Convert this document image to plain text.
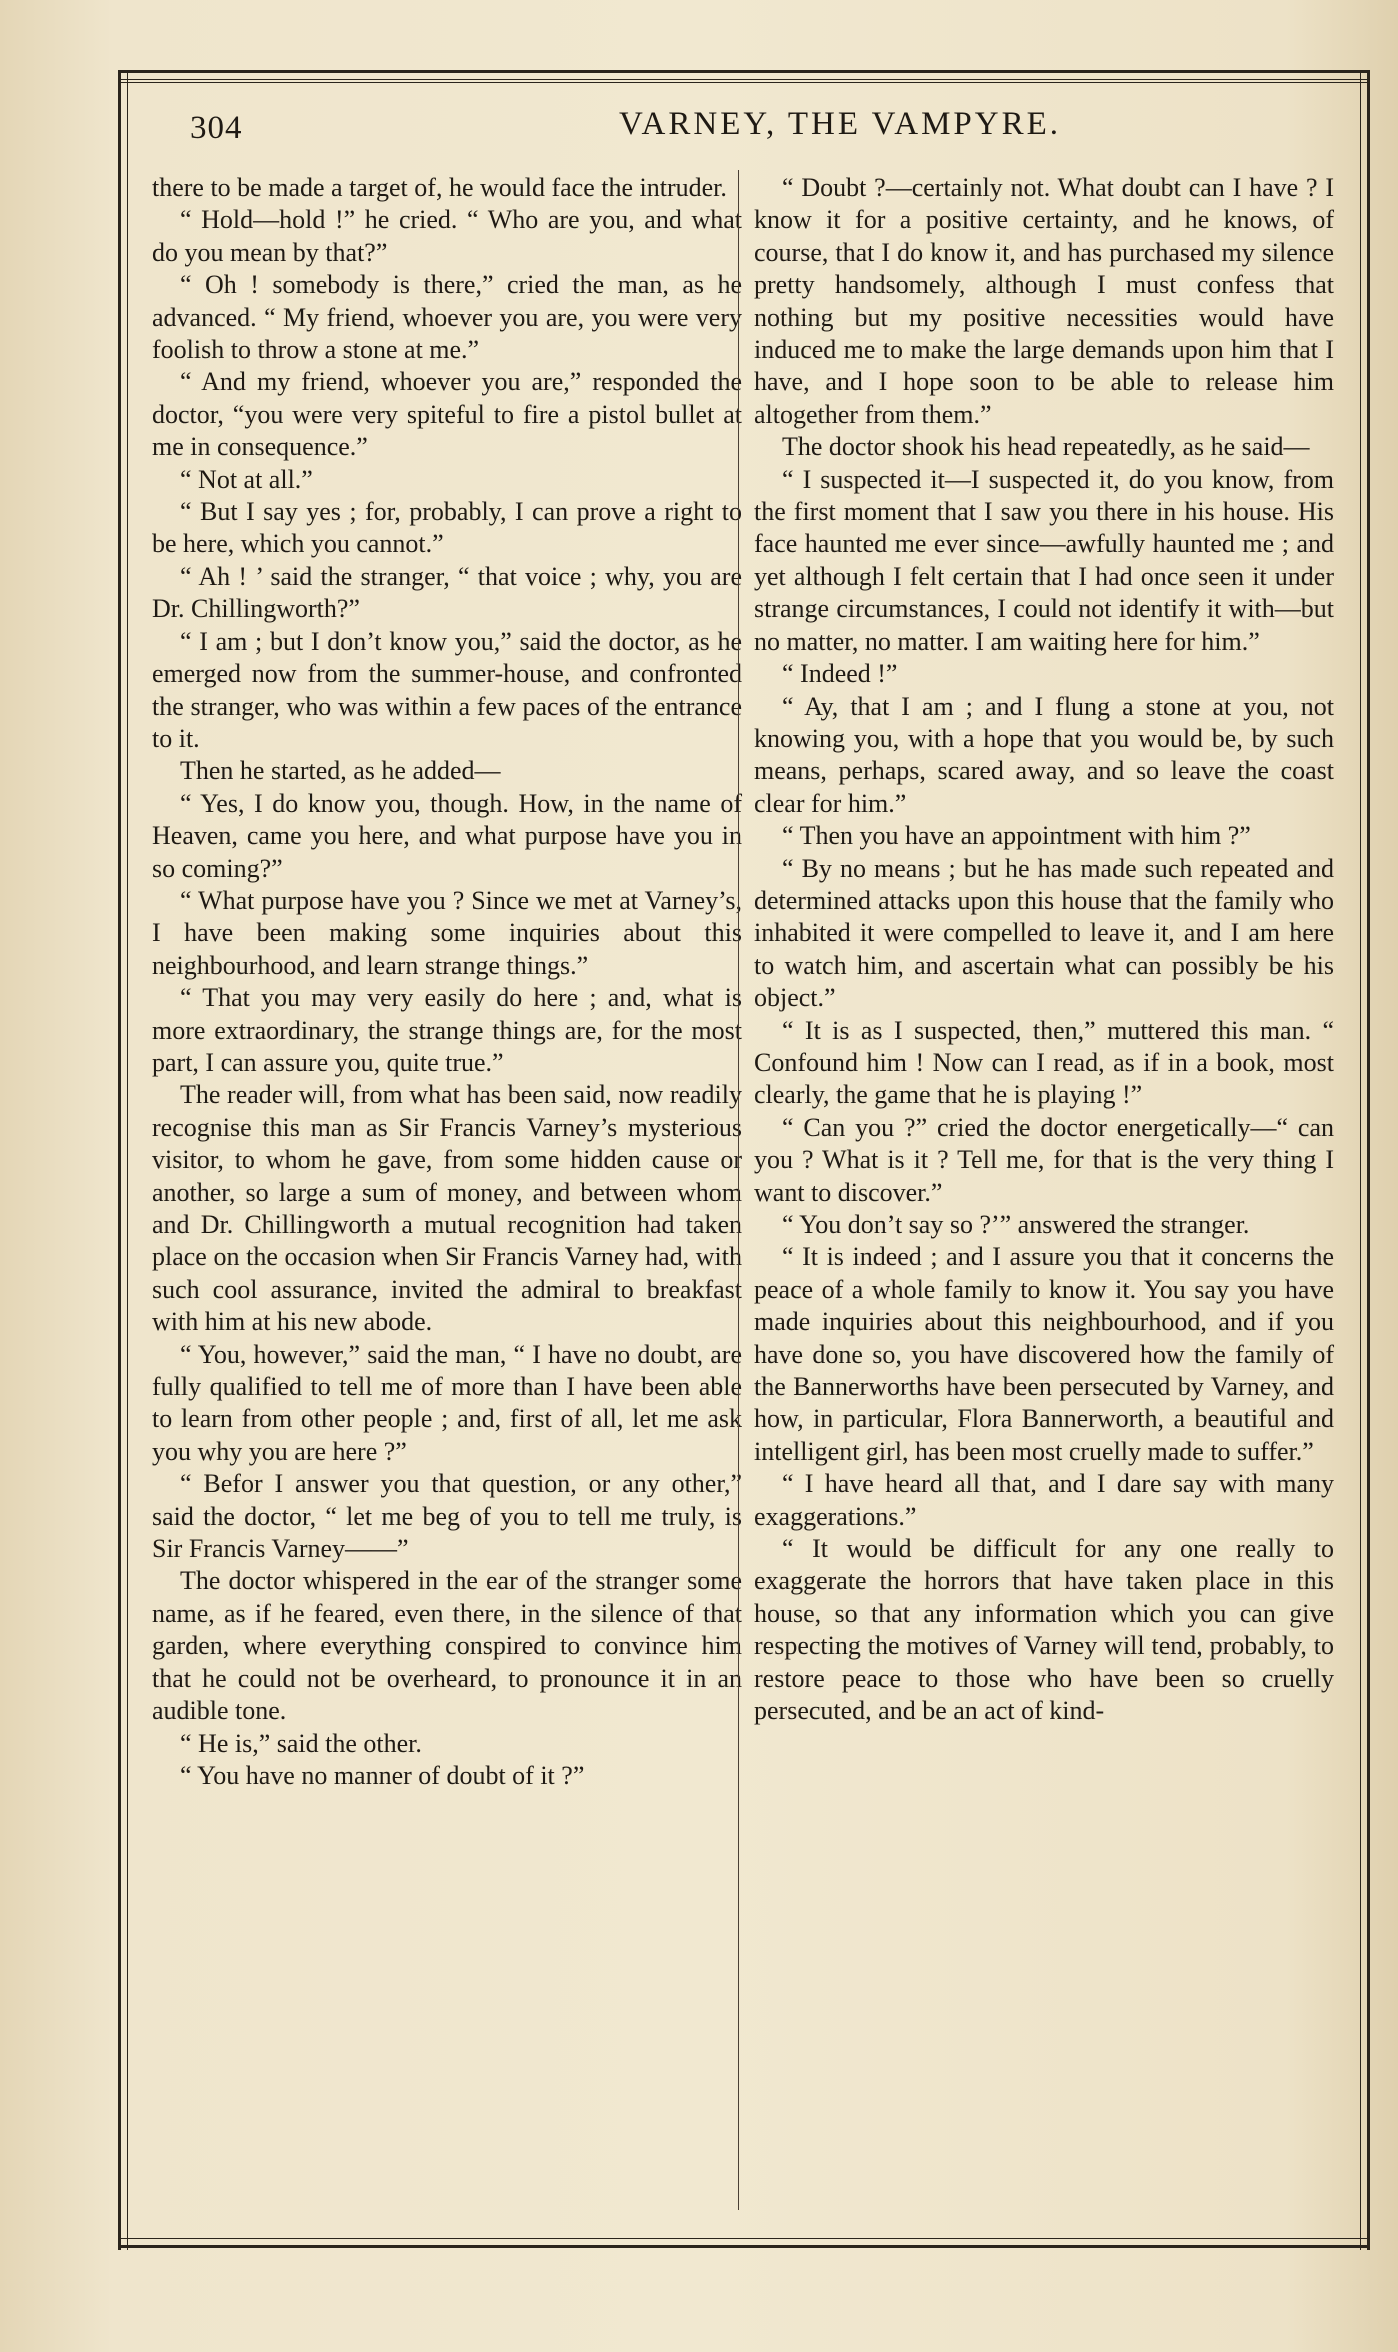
304	VARNEY, THE VAMPYRE.

there to be made a target of, he would face the intruder.

“ Hold—hold !” he cried. “ Who are you, and what do you mean by that?”

“ Oh ! somebody is there,” cried the man, as he advanced. “ My friend, whoever you are, you were very foolish to throw a stone at me.”

“ And my friend, whoever you are,” responded the doctor, “you were very spiteful to fire a pistol bullet at me in consequence.”

“ Not at all.”

“ But I say yes ; for, probably, I can prove a right to be here, which you cannot.”

“ Ah ! ’ said the stranger, “ that voice ; why, you are Dr. Chillingworth?”

“ I am ; but I don’t know you,” said the doctor, as he emerged now from the summer-house, and confronted the stranger, who was within a few paces of the entrance to it.

Then he started, as he added—

“ Yes, I do know you, though. How, in the name of Heaven, came you here, and what purpose have you in so coming?”

“ What purpose have you ? Since we met at Varney’s, I have been making some inquiries about this neighbourhood, and learn strange things.”

“ That you may very easily do here ; and, what is more extraordinary, the strange things are, for the most part, I can assure you, quite true.”

The reader will, from what has been said, now readily recognise this man as Sir Francis Varney’s mysterious visitor, to whom he gave, from some hidden cause or another, so large a sum of money, and between whom and Dr. Chillingworth a mutual recognition had taken place on the occasion when Sir Francis Varney had, with such cool assurance, invited the admiral to breakfast with him at his new abode.

“ You, however,” said the man, “ I have no doubt, are fully qualified to tell me of more than I have been able to learn from other people ; and, first of all, let me ask you why you are here ?”

“ Befor I answer you that question, or any other,” said the doctor, “ let me beg of you to tell me truly, is Sir Francis Varney——”

The doctor whispered in the ear of the stranger some name, as if he feared, even there, in the silence of that garden, where everything conspired to convince him that he could not be overheard, to pronounce it in an audible tone.

“ He is,” said the other.

“ You have no manner of doubt of it ?”

“ Doubt ?—certainly not. What doubt can I have ? I know it for a positive certainty, and he knows, of course, that I do know it, and has purchased my silence pretty handsomely, although I must confess that nothing but my positive necessities would have induced me to make the large demands upon him that I have, and I hope soon to be able to release him altogether from them.”

The doctor shook his head repeatedly, as he said—

“ I suspected it—I suspected it, do you know, from the first moment that I saw you there in his house. His face haunted me ever since—awfully haunted me ; and yet although I felt certain that I had once seen it under strange circumstances, I could not identify it with—but no matter, no matter. I am waiting here for him.”

“ Indeed !”

“ Ay, that I am ; and I flung a stone at you, not knowing you, with a hope that you would be, by such means, perhaps, scared away, and so leave the coast clear for him.”

“ Then you have an appointment with him ?”

“ By no means ; but he has made such repeated and determined attacks upon this house that the family who inhabited it were compelled to leave it, and I am here to watch him, and ascertain what can possibly be his object.”

“ It is as I suspected, then,” muttered this man. “ Confound him ! Now can I read, as if in a book, most clearly, the game that he is playing !”

“ Can you ?” cried the doctor energetically—“ can you ? What is it ? Tell me, for that is the very thing I want to discover.”

“ You don’t say so ?’” answered the stranger.

“ It is indeed ; and I assure you that it concerns the peace of a whole family to know it. You say you have made inquiries about this neighbourhood, and if you have done so, you have discovered how the family of the Bannerworths have been persecuted by Varney, and how, in particular, Flora Bannerworth, a beautiful and intelligent girl, has been most cruelly made to suffer.”

“ I have heard all that, and I dare say with many exaggerations.”

“ It would be difficult for any one really to exaggerate the horrors that have taken place in this house, so that any information which you can give respecting the motives of Varney will tend, probably, to restore peace to those who have been so cruelly persecuted, and be an act of kind-
